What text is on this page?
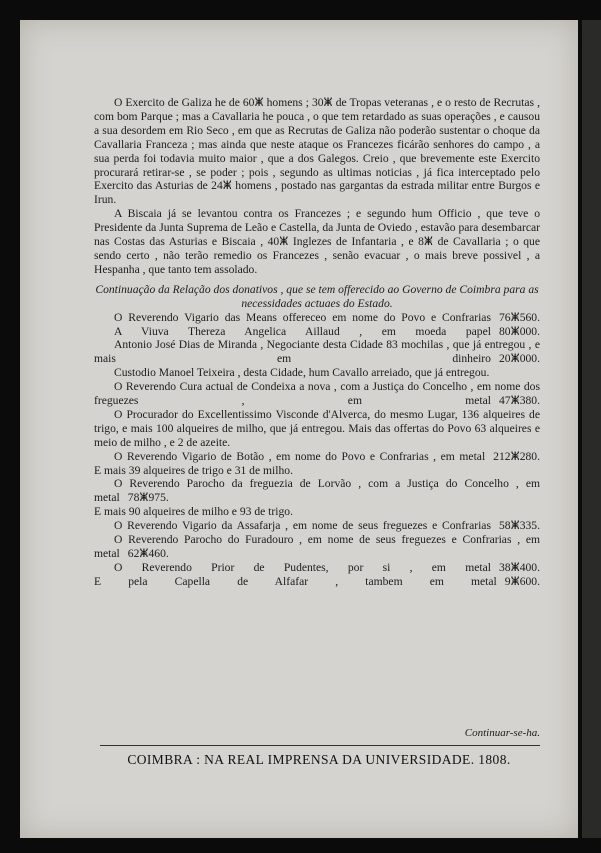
O Exercito de Galiza he de 60ⵥ homens ; 30ⵥ de Tropas veteranas , e o resto de Recrutas , com bom Parque ; mas a Cavallaria he pouca , o que tem retardado as suas operações , e causou a sua desordem em Rio Seco , em que as Recrutas de Galiza não poderão sustentar o choque da Cavallaria Franceza ; mas ainda que neste ataque os Francezes ficárão senhores do campo , a sua perda foi todavia muito maior , que a dos Galegos. Creio , que brevemente este Exercito procurará retirar-se , se poder ; pois , segundo as ultimas noticias , já fica interceptado pelo Exercito das Asturias de 24ⵥ homens , postado nas gargantas da estrada militar entre Burgos e Irun.

A Biscaia já se levantou contra os Francezes ; e segundo hum Officio , que teve o Presidente da Junta Suprema de Leão e Castella, da Junta de Oviedo , estavão para desembarcar nas Costas das Asturias e Biscaia , 40ⵥ Inglezes de Infantaria , e 8ⵥ de Cavallaria ; o que sendo certo , não terão remedio os Francezes , senão evacuar , o mais breve possivel , a Hespanha , que tanto tem assolado.

Continuação da Relação dos donativos , que se tem offerecido ao Governo de Coimbra para as necessidades actuaes do Estado.

O Reverendo Vigario das Means offereceo em nome do Povo e Confrarias 76ⵥ560.

A Viuva Thereza Angelica Aillaud , em moeda papel 80ⵥ000.

Antonio José Dias de Miranda , Negociante desta Cidade 83 mochilas , que já entregou , e mais em dinheiro 20ⵥ000.

Custodio Manoel Teixeira , desta Cidade, hum Cavallo arreiado, que já entregou.

O Reverendo Cura actual de Condeixa a nova , com a Justiça do Concelho , em nome dos freguezes , em metal 47ⵥ380.

O Procurador do Excellentissimo Visconde d'Alverca, do mesmo Lugar, 136 alqueires de trigo, e mais 100 alqueires de milho, que já entregou. Mais das offertas do Povo 63 alqueires e meio de milho , e 2 de azeite.

O Reverendo Vigario de Botão , em nome do Povo e Confrarias , em metal 212ⵥ280.

E mais 39 alqueires de trigo e 31 de milho.

O Reverendo Parocho da freguezia de Lorvão , com a Justiça do Concelho , em metal 78ⵥ975.

E mais 90 alqueires de milho e 93 de trigo.

O Reverendo Vigario da Assafarja , em nome de seus freguezes e Confrarias 58ⵥ335.

O Reverendo Parocho do Furadouro , em nome de seus freguezes e Confrarias , em metal 62ⵥ460.

O Reverendo Prior de Pudentes, por si , em metal 38ⵥ400.

E pela Capella de Alfafar , tambem em metal 9ⵥ600.

Continuar-se-ha.
COIMBRA : NA REAL IMPRENSA DA UNIVERSIDADE. 1808.
